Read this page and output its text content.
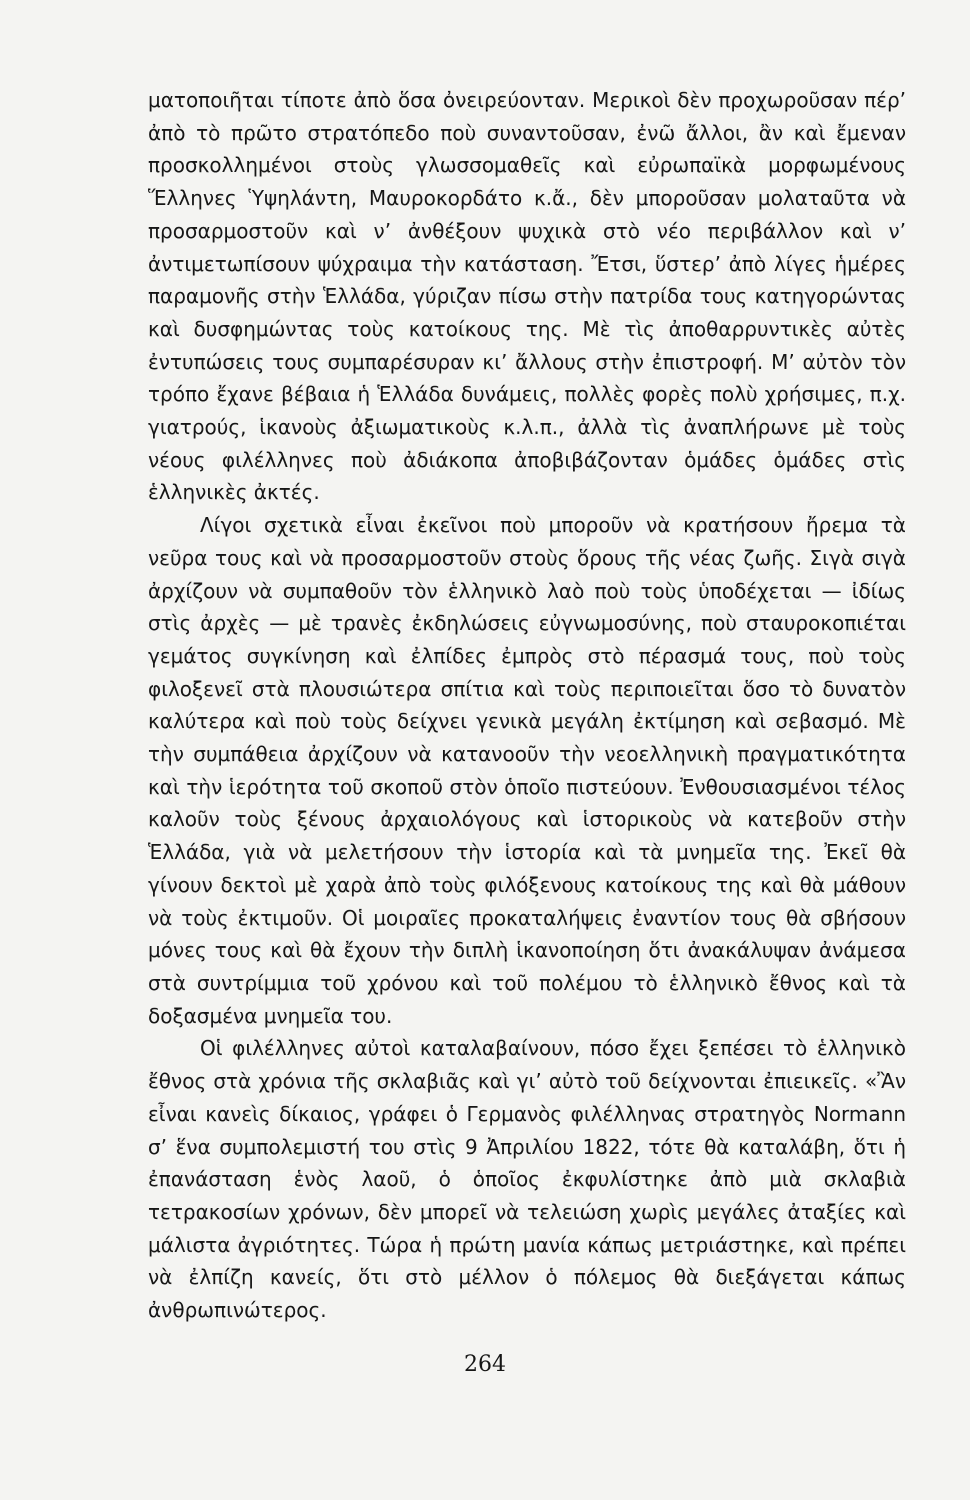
ματοποιῆται τίποτε ἀπὸ ὅσα ὀνειρεύονταν. Μερικοὶ δὲν προχωροῦσαν πέρ’ ἀπὸ τὸ πρῶτο στρατόπεδο ποὺ συναντοῦσαν, ἐνῶ ἄλλοι, ἂν καὶ ἔμεναν προσκολλημένοι στοὺς γλωσσομαθεῖς καὶ εὐρωπαϊκὰ μορφωμένους Ἕλληνες Ὑψηλάντη, Μαυροκορδάτο κ.ἄ., δὲν μποροῦσαν μολαταῦτα νὰ προσαρμοστοῦν καὶ ν’ ἀνθέξουν ψυχικὰ στὸ νέο περιβάλλον καὶ ν’ ἀντιμετωπίσουν ψύχραιμα τὴν κατάσταση. Ἔτσι, ὕστερ’ ἀπὸ λίγες ἡμέρες παραμονῆς στὴν Ἑλλάδα, γύριζαν πίσω στὴν πατρίδα τους κατηγορώντας καὶ δυσφημώντας τοὺς κατοίκους της. Μὲ τὶς ἀποθαρρυντικὲς αὐτὲς ἐντυπώσεις τους συμπαρέσυραν κι’ ἄλλους στὴν ἐπιστροφή. Μ’ αὐτὸν τὸν τρόπο ἔχανε βέβαια ἡ Ἑλλάδα δυνάμεις, πολλὲς φορὲς πολὺ χρήσιμες, π.χ. γιατρούς, ἱκανοὺς ἀξιωματικοὺς κ.λ.π., ἀλλὰ τὶς ἀναπλήρωνε μὲ τοὺς νέους φιλέλληνες ποὺ ἀδιάκοπα ἀποβιβάζονταν ὁμάδες ὁμάδες στὶς ἑλληνικὲς ἀκτές.

Λίγοι σχετικὰ εἶναι ἐκεῖνοι ποὺ μποροῦν νὰ κρατήσουν ἤρεμα τὰ νεῦρα τους καὶ νὰ προσαρμοστοῦν στοὺς ὅρους τῆς νέας ζωῆς. Σιγὰ σιγὰ ἀρχίζουν νὰ συμπαθοῦν τὸν ἑλληνικὸ λαὸ ποὺ τοὺς ὑποδέχεται — ἰδίως στὶς ἀρχὲς — μὲ τρανὲς ἐκδηλώσεις εὐγνωμοσύνης, ποὺ σταυροκοπιέται γεμάτος συγκίνηση καὶ ἐλπίδες ἐμπρὸς στὸ πέρασμά τους, ποὺ τοὺς φιλοξενεῖ στὰ πλουσιώτερα σπίτια καὶ τοὺς περιποιεῖται ὅσο τὸ δυνατὸν καλύτερα καὶ ποὺ τοὺς δείχνει γενικὰ μεγάλη ἐκτίμηση καὶ σεβασμό. Μὲ τὴν συμπάθεια ἀρχίζουν νὰ κατανοοῦν τὴν νεοελληνικὴ πραγματικότητα καὶ τὴν ἱερότητα τοῦ σκοποῦ στὸν ὁποῖο πιστεύουν. Ἐνθουσιασμένοι τέλος καλοῦν τοὺς ξένους ἀρχαιολόγους καὶ ἱστορικοὺς νὰ κατεβοῦν στὴν Ἑλλάδα, γιὰ νὰ μελετήσουν τὴν ἱστορία καὶ τὰ μνημεῖα της. Ἐκεῖ θὰ γίνουν δεκτοὶ μὲ χαρὰ ἀπὸ τοὺς φιλόξενους κατοίκους της καὶ θὰ μάθουν νὰ τοὺς ἐκτιμοῦν. Οἱ μοιραῖες προκαταλήψεις ἐναντίον τους θὰ σβήσουν μόνες τους καὶ θὰ ἔχουν τὴν διπλὴ ἱκανοποίηση ὅτι ἀνακάλυψαν ἀνάμεσα στὰ συντρίμμια τοῦ χρόνου καὶ τοῦ πολέμου τὸ ἑλληνικὸ ἔθνος καὶ τὰ δοξασμένα μνημεῖα του.

Οἱ φιλέλληνες αὐτοὶ καταλαβαίνουν, πόσο ἔχει ξεπέσει τὸ ἑλληνικὸ ἔθνος στὰ χρόνια τῆς σκλαβιᾶς καὶ γι’ αὐτὸ τοῦ δείχνονται ἐπιεικεῖς. «Ἂν εἶναι κανεὶς δίκαιος, γράφει ὁ Γερμανὸς φιλέλληνας στρατηγὸς Normann σ’ ἕνα συμπολεμιστή του στὶς 9 Ἀπριλίου 1822, τότε θὰ καταλάβη, ὅτι ἡ ἐπανάσταση ἑνὸς λαοῦ, ὁ ὁποῖος ἐκφυλίστηκε ἀπὸ μιὰ σκλαβιὰ τετρακοσίων χρόνων, δὲν μπορεῖ νὰ τελειώση χωρὶς μεγάλες ἀταξίες καὶ μάλιστα ἀγριότητες. Τώρα ἡ πρώτη μανία κάπως μετριάστηκε, καὶ πρέπει νὰ ἐλπίζη κανείς, ὅτι στὸ μέλλον ὁ πόλεμος θὰ διεξάγεται κάπως ἀνθρωπινώτερος.

264
